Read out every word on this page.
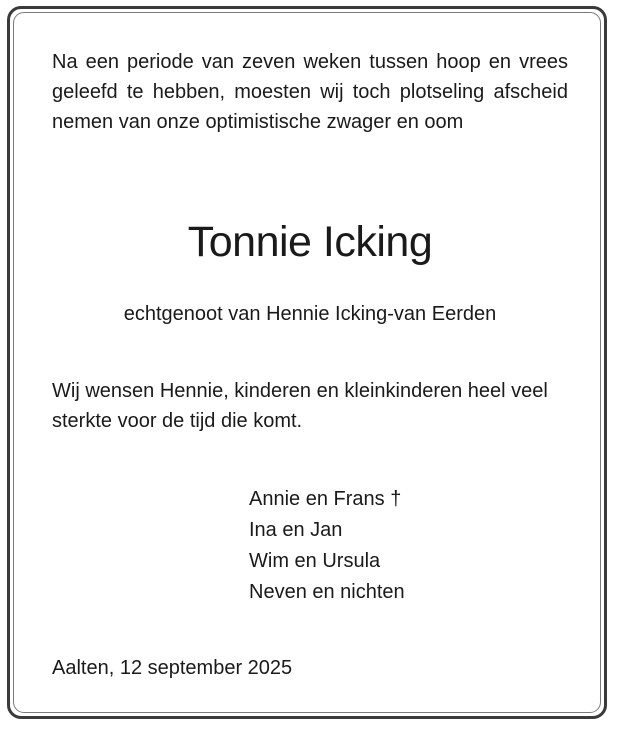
Na een periode van zeven weken tussen hoop en vrees geleefd te hebben, moesten wij toch plotseling afscheid nemen van onze optimistische zwager en oom

Tonnie Icking

echtgenoot van Hennie Icking-van Eerden

Wij wensen Hennie, kinderen en kleinkinderen heel veel sterkte voor de tijd die komt.

Annie en Frans †
Ina en Jan
Wim en Ursula
Neven en nichten

Aalten, 12 september 2025
